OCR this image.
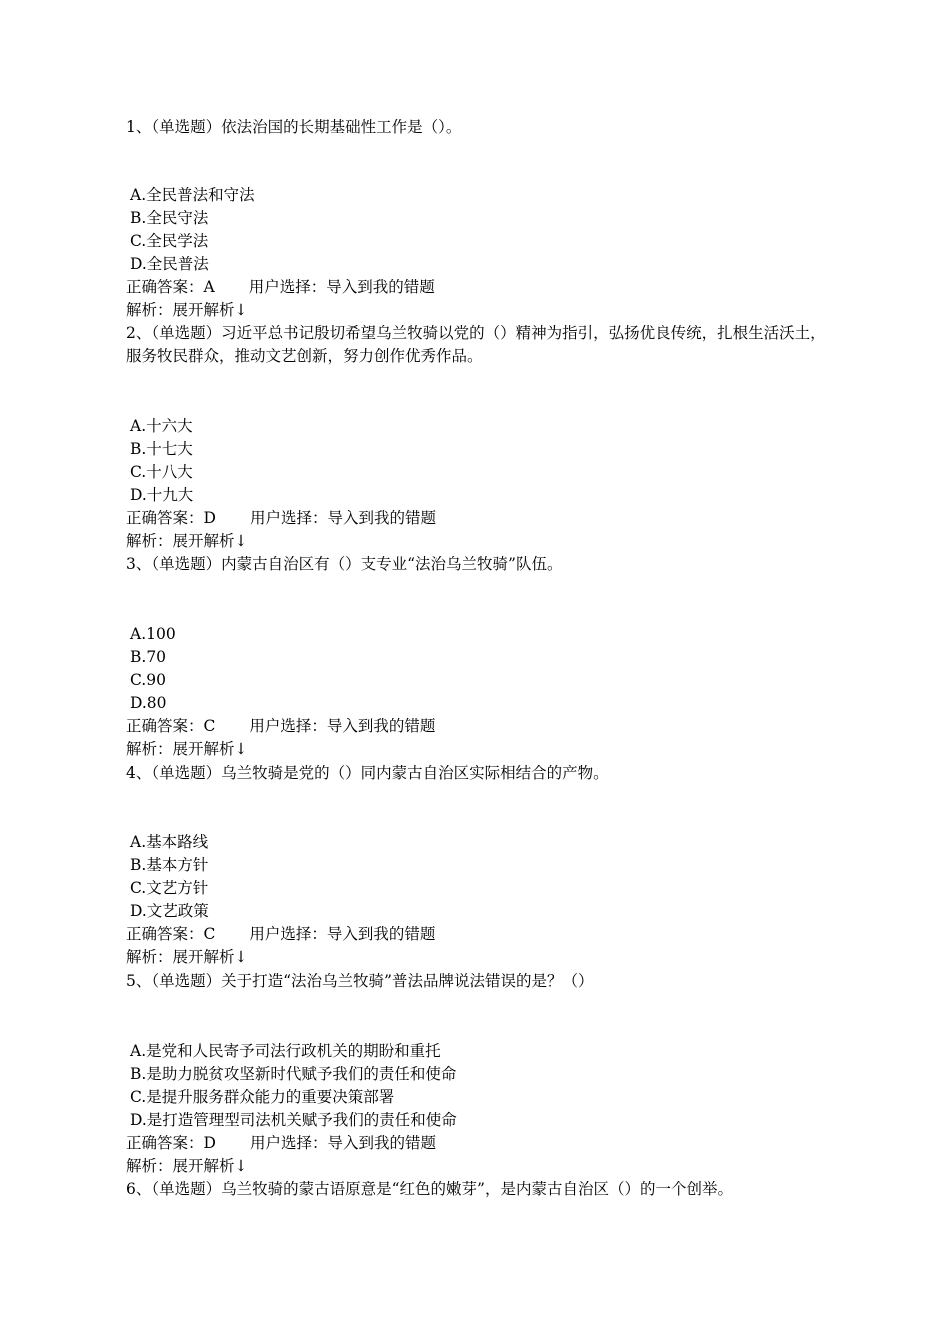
1、（单选题）依法治国的长期基础性工作是（）。
A.全民普法和守法
B.全民守法
C.全民学法
D.全民普法
正确答案：A 用户选择：导入到我的错题
解析：展开解析↓
2、（单选题）习近平总书记殷切希望乌兰牧骑以党的（）精神为指引，弘扬优良传统，扎根生活沃土，服务牧民群众，推动文艺创新，努力创作优秀作品。
A.十六大
B.十七大
C.十八大
D.十九大
正确答案：D 用户选择：导入到我的错题
解析：展开解析↓
3、（单选题）内蒙古自治区有（）支专业“法治乌兰牧骑”队伍。
A.100
B.70
C.90
D.80
正确答案：C 用户选择：导入到我的错题
解析：展开解析↓
4、（单选题）乌兰牧骑是党的（）同内蒙古自治区实际相结合的产物。
A.基本路线
B.基本方针
C.文艺方针
D.文艺政策
正确答案：C 用户选择：导入到我的错题
解析：展开解析↓
5、（单选题）关于打造“法治乌兰牧骑”普法品牌说法错误的是？（）
A.是党和人民寄予司法行政机关的期盼和重托
B.是助力脱贫攻坚新时代赋予我们的责任和使命
C.是提升服务群众能力的重要决策部署
D.是打造管理型司法机关赋予我们的责任和使命
正确答案：D 用户选择：导入到我的错题
解析：展开解析↓
6、（单选题）乌兰牧骑的蒙古语原意是“红色的嫩芽”，是内蒙古自治区（）的一个创举。
